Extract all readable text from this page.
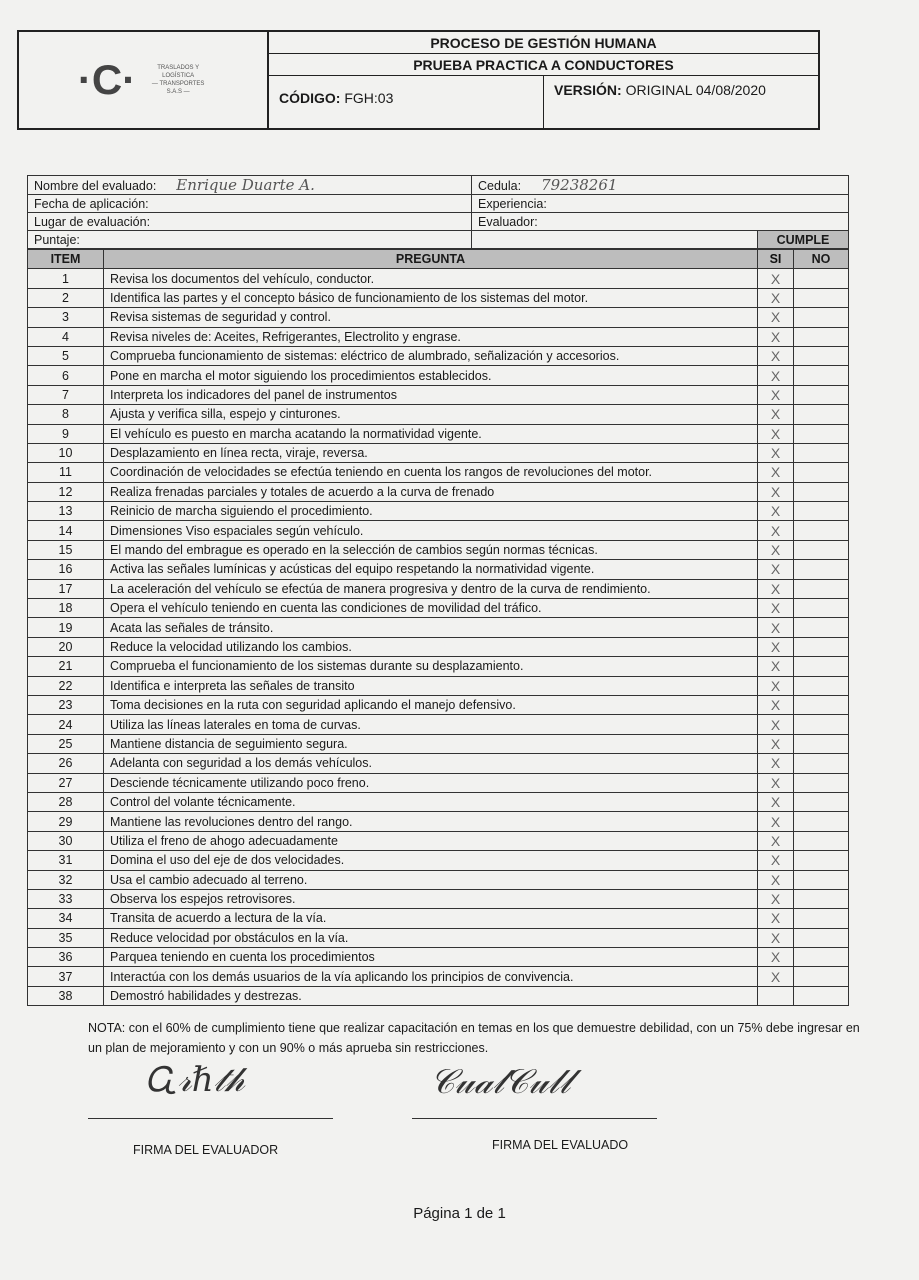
·C·	TRASLADOS Y LOGÍSTICA
— TRANSPORTES S.A.S —
PROCESO DE GESTIÓN HUMANA
PRUEBA PRACTICA A CONDUCTORES
CÓDIGO: FGH:03	VERSIÓN: ORIGINAL 04/08/2020
Nombre del evaluado: Enrique Duarte A.	Cedula: 79238261	
Fecha de aplicación:	Experiencia:	
Lugar de evaluación:	Evaluador:	
Puntaje:		CUMPLE
ITEM	PREGUNTA	SI	NO
1	Revisa los documentos del vehículo, conductor.	X	
2	Identifica las partes y el concepto básico de funcionamiento de los sistemas del motor.	X	
3	Revisa sistemas de seguridad y control.	X	
4	Revisa niveles de: Aceites, Refrigerantes, Electrolito y engrase.	X	
5	Comprueba funcionamiento de sistemas: eléctrico de alumbrado, señalización y accesorios.	X	
6	Pone en marcha el motor siguiendo los procedimientos establecidos.	X	
7	Interpreta los indicadores del panel de instrumentos	X	
8	Ajusta y verifica silla, espejo y cinturones.	X	
9	El vehículo es puesto en marcha acatando la normatividad vigente.	X	
10	Desplazamiento en línea recta, viraje, reversa.	X	
11	Coordinación de velocidades se efectúa teniendo en cuenta los rangos de revoluciones del motor.	X	
12	Realiza frenadas parciales y totales de acuerdo a la curva de frenado	X	
13	Reinicio de marcha siguiendo el procedimiento.	X	
14	Dimensiones Viso espaciales según vehículo.	X	
15	El mando del embrague es operado en la selección de cambios según normas técnicas.	X	
16	Activa las señales lumínicas y acústicas del equipo respetando la normatividad vigente.	X	
17	La aceleración del vehículo se efectúa de manera progresiva y dentro de la curva de rendimiento.	X	
18	Opera el vehículo teniendo en cuenta las condiciones de movilidad del tráfico.	X	
19	Acata las señales de tránsito.	X	
20	Reduce la velocidad utilizando los cambios.	X	
21	Comprueba el funcionamiento de los sistemas durante su desplazamiento.	X	
22	Identifica e interpreta las señales de transito	X	
23	Toma decisiones en la ruta con seguridad aplicando el manejo defensivo.	X	
24	Utiliza las líneas laterales en toma de curvas.	X	
25	Mantiene distancia de seguimiento segura.	X	
26	Adelanta con seguridad a los demás vehículos.	X	
27	Desciende técnicamente utilizando poco freno.	X	
28	Control del volante técnicamente.	X	
29	Mantiene las revoluciones dentro del rango.	X	
30	Utiliza el freno de ahogo adecuadamente	X	
31	Domina el uso del eje de dos velocidades.	X	
32	Usa el cambio adecuado al terreno.	X	
33	Observa los espejos retrovisores.	X	
34	Transita de acuerdo a lectura de la vía.	X	
35	Reduce velocidad por obstáculos en la vía.	X	
36	Parquea teniendo en cuenta los procedimientos	X	
37	Interactúa con los demás usuarios de la vía aplicando los principios de convivencia.	X	
38	Demostró habilidades y destrezas.		
NOTA: con el 60% de cumplimiento tiene que realizar capacitación en temas en los que demuestre debilidad, con un 75% debe ingresar en un plan de mejoramiento y con un 90% o más aprueba sin restricciones.
Ꮹ𝓇ℏ𝓉𝒽	𝒞𝓊𝒶𝓁𝒞𝓊𝓁𝓁
FIRMA DEL EVALUADOR	FIRMA DEL EVALUADO
Página 1 de 1
